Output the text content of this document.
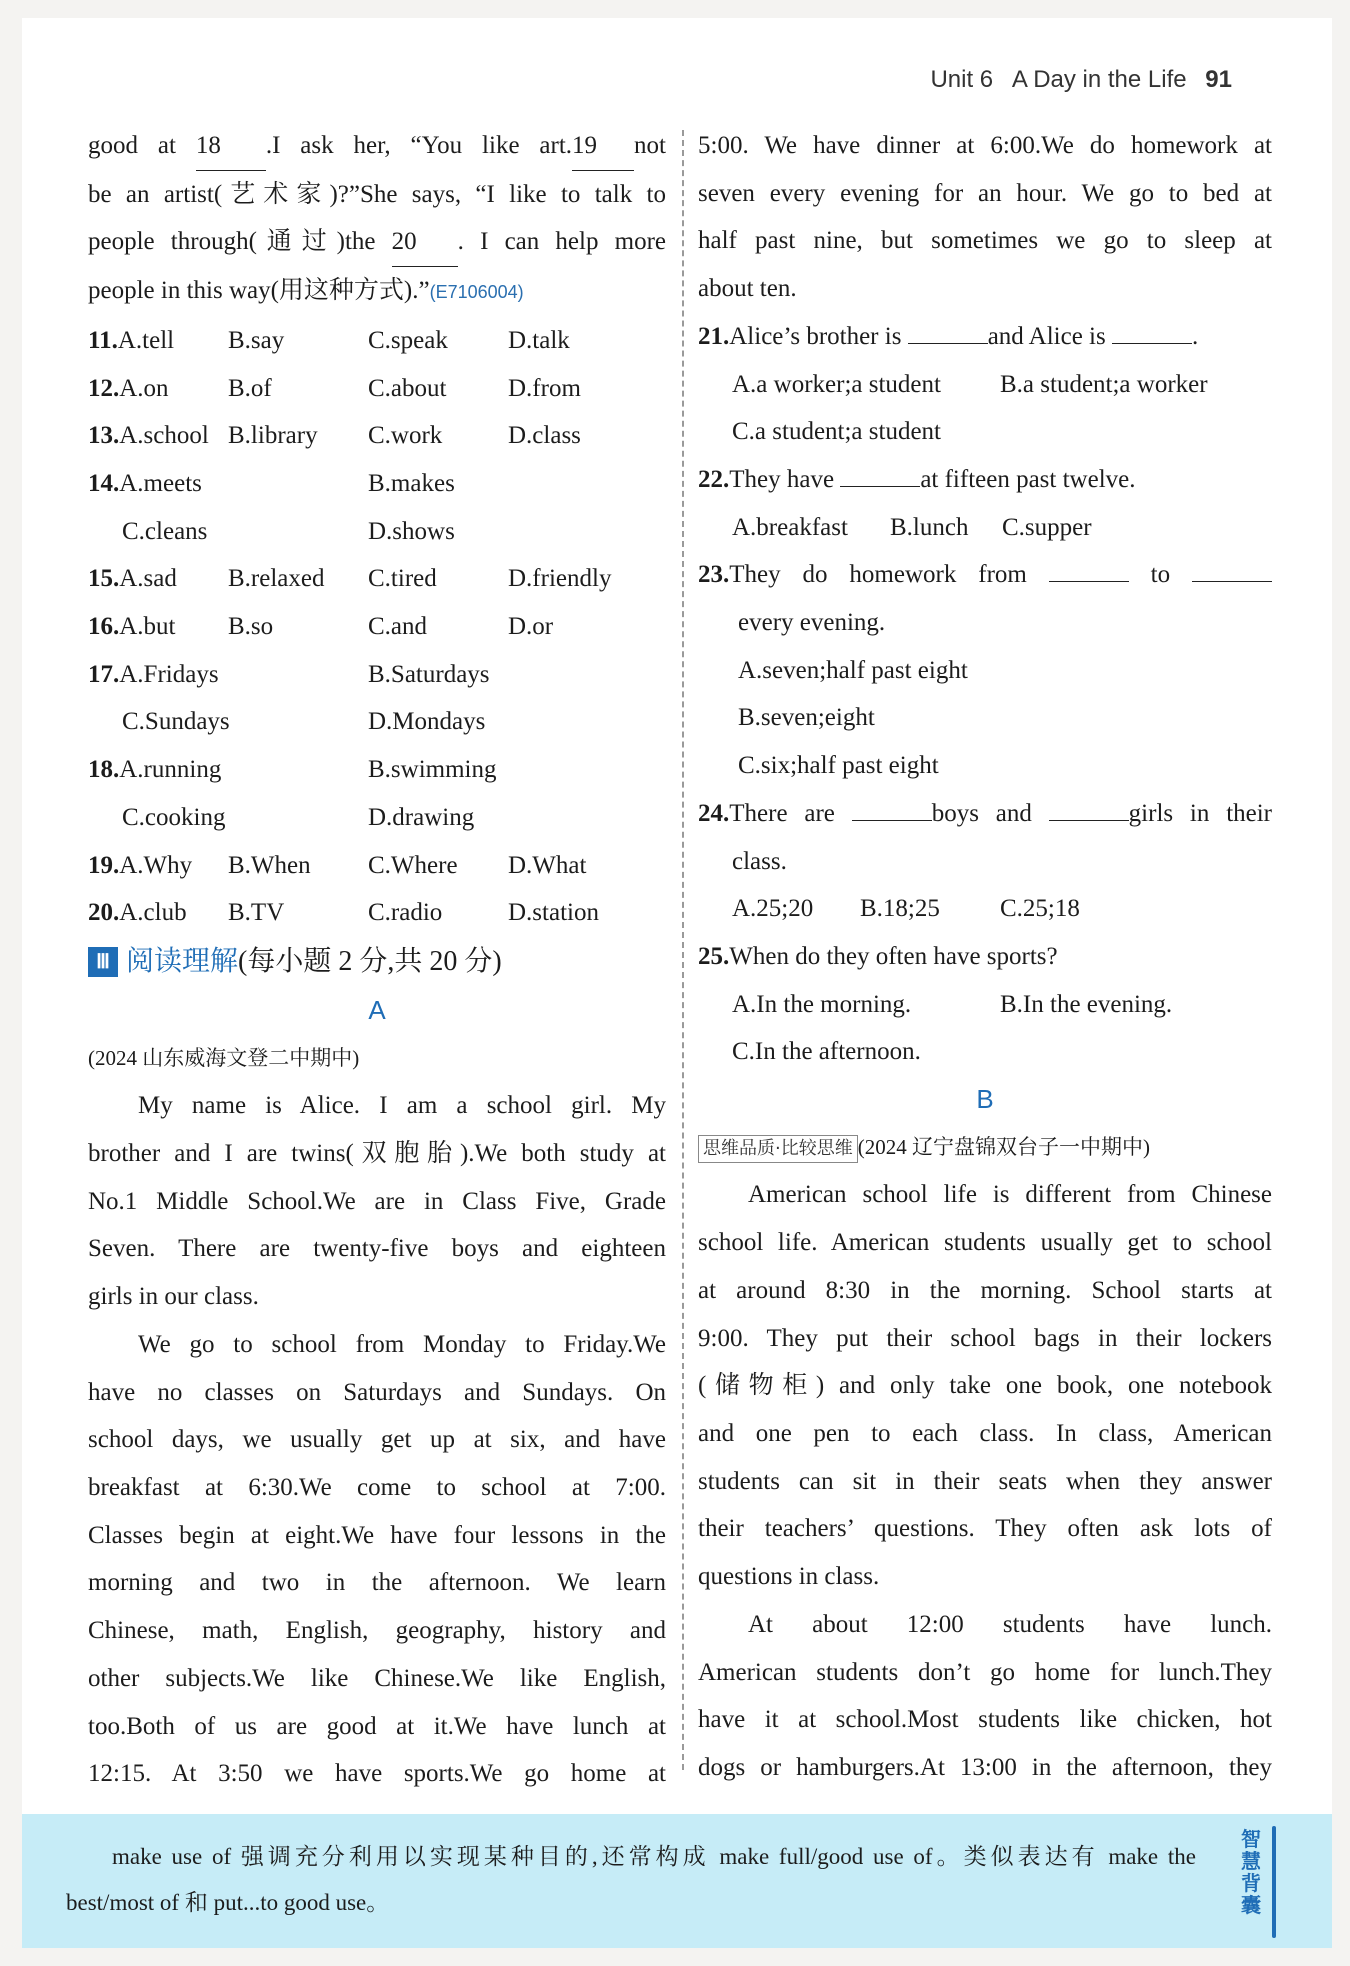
Unit 6 A Day in the Life 91
good at 18 .I ask her, “You like art.19 not
be an artist(艺术家)?”She says, “I like to talk to
people through(通过)the 20 . I can help more
people in this way(用这种方式).”(E7106004)
11.A.tell	B.say	C.speak	D.talk
12.A.on	B.of	C.about	D.from
13.A.school B.library	C.work	D.class
14.A.meets	B.makes
C.cleans	D.shows
15.A.sad	B.relaxed	C.tired	D.friendly
16.A.but	B.so	C.and	D.or
17.A.Fridays	B.Saturdays
C.Sundays	D.Mondays
18.A.running	B.swimming
C.cooking	D.drawing
19.A.Why	B.When	C.Where	D.What
20.A.club	B.TV	C.radio	D.station
Ⅲ 阅读理解 (每小题 2 分,共 20 分)
A
(2024 山东威海文登二中期中)
My name is Alice. I am a school girl. My
brother and I are twins(双胞胎).We both study at
No.1 Middle School.We are in Class Five, Grade
Seven. There are twenty-five boys and eighteen
girls in our class.
We go to school from Monday to Friday.We
have no classes on Saturdays and Sundays. On
school days, we usually get up at six, and have
breakfast at 6:30.We come to school at 7:00.
Classes begin at eight.We have four lessons in the
morning and two in the afternoon. We learn
Chinese, math, English, geography, history and
other subjects.We like Chinese.We like English,
too.Both of us are good at it.We have lunch at
12:15. At 3:50 we have sports.We go home at
5:00. We have dinner at 6:00.We do homework at
seven every evening for an hour. We go to bed at
half past nine, but sometimes we go to sleep at
about ten.
21.Alice’s brother is	and Alice is	.
A.a worker;a student B.a student;a worker
C.a student;a student
22.They have	at fifteen past twelve.
A.breakfast B.lunch C.supper
23.They do homework from	to
every evening.
A.seven;half past eight
B.seven;eight
C.six;half past eight
24.There are	boys and	girls in their
class.
A.25;20 B.18;25 C.25;18
25.When do they often have sports?
A.In the morning.	B.In the evening.
C.In the afternoon.
B
思维品质·比较思维 (2024 辽宁盘锦双台子一中期中)
American school life is different from Chinese
school life. American students usually get to school
at around 8:30 in the morning. School starts at
9:00. They put their school bags in their lockers
(储物柜) and only take one book, one notebook
and one pen to each class. In class, American
students can sit in their seats when they answer
their teachers’ questions. They often ask lots of
questions in class.
At about 12:00 students have lunch.
American students don’t go home for lunch.They
have it at school.Most students like chicken, hot
dogs or hamburgers.At 13:00 in the afternoon, they
make use of 强调充分利用以实现某种目的,还常构成 make full/good use of。类似表达有 make the
best/most of 和 put...to good use。
智慧背囊
